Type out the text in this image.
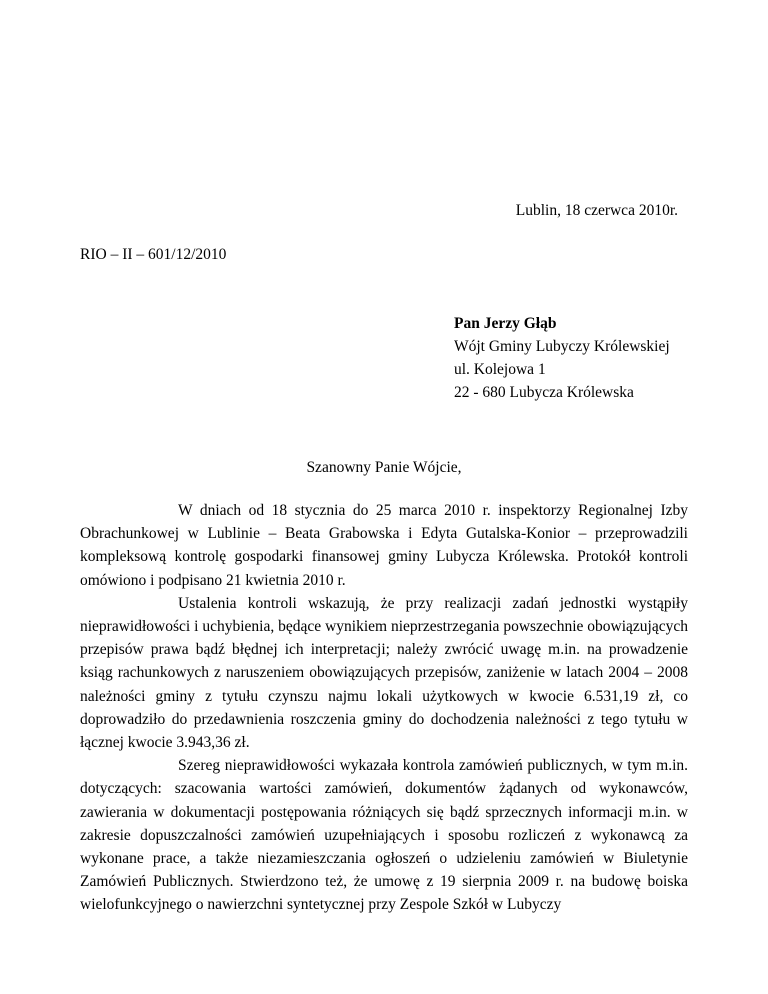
Lublin, 18 czerwca 2010r.
RIO – II – 601/12/2010
Pan Jerzy Głąb
Wójt Gminy Lubyczy Królewskiej
ul. Kolejowa 1
22 - 680 Lubycza Królewska
Szanowny Panie Wójcie,

W dniach od 18 stycznia do 25 marca 2010 r. inspektorzy Regionalnej Izby Obrachunkowej w Lublinie – Beata Grabowska i Edyta Gutalska-Konior – przeprowadzili kompleksową kontrolę gospodarki finansowej gminy Lubycza Królewska. Protokół kontroli omówiono i podpisano 21 kwietnia 2010 r.

Ustalenia kontroli wskazują, że przy realizacji zadań jednostki wystąpiły nieprawidłowości i uchybienia, będące wynikiem nieprzestrzegania powszechnie obowiązujących przepisów prawa bądź błędnej ich interpretacji; należy zwrócić uwagę m.in. na prowadzenie ksiąg rachunkowych z naruszeniem obowiązujących przepisów, zaniżenie w latach 2004 – 2008 należności gminy z tytułu czynszu najmu lokali użytkowych w kwocie 6.531,19 zł, co doprowadziło do przedawnienia roszczenia gminy do dochodzenia należności z tego tytułu w łącznej kwocie 3.943,36 zł.

Szereg nieprawidłowości wykazała kontrola zamówień publicznych, w tym m.in. dotyczących: szacowania wartości zamówień, dokumentów żądanych od wykonawców, zawierania w dokumentacji postępowania różniących się bądź sprzecznych informacji m.in. w zakresie dopuszczalności zamówień uzupełniających i sposobu rozliczeń z wykonawcą za wykonane prace, a także niezamieszczania ogłoszeń o udzieleniu zamówień w Biuletynie Zamówień Publicznych. Stwierdzono też, że umowę z 19 sierpnia 2009 r. na budowę boiska wielofunkcyjnego o nawierzchni syntetycznej przy Zespole Szkół w Lubyczy
